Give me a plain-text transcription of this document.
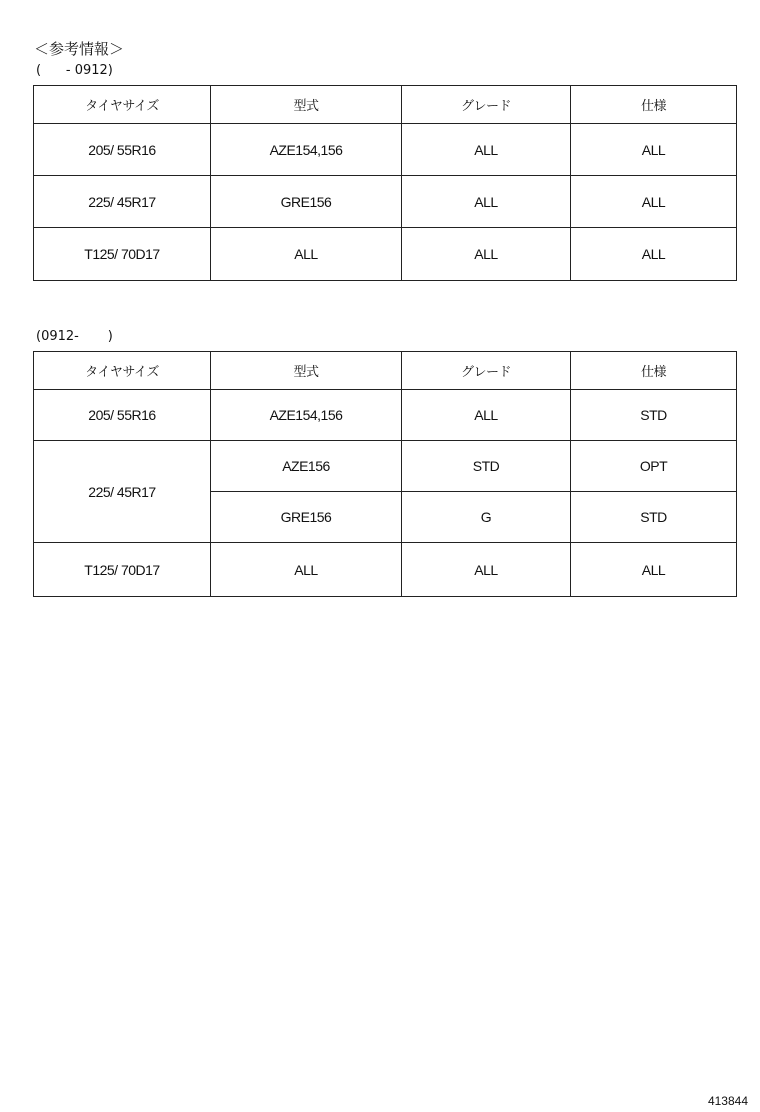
＜参考情報＞
(      - 0912)
タイヤサイズ	型式	グレード	仕様
205/ 55R16	AZE154,156	ALL	ALL
225/ 45R17	GRE156	ALL	ALL
T125/ 70D17	ALL	ALL	ALL
(0912-       )
タイヤサイズ	型式	グレード	仕様
205/ 55R16	AZE154,156	ALL	STD
225/ 45R17	AZE156	STD	OPT
	GRE156	G	STD
T125/ 70D17	ALL	ALL	ALL
413844
